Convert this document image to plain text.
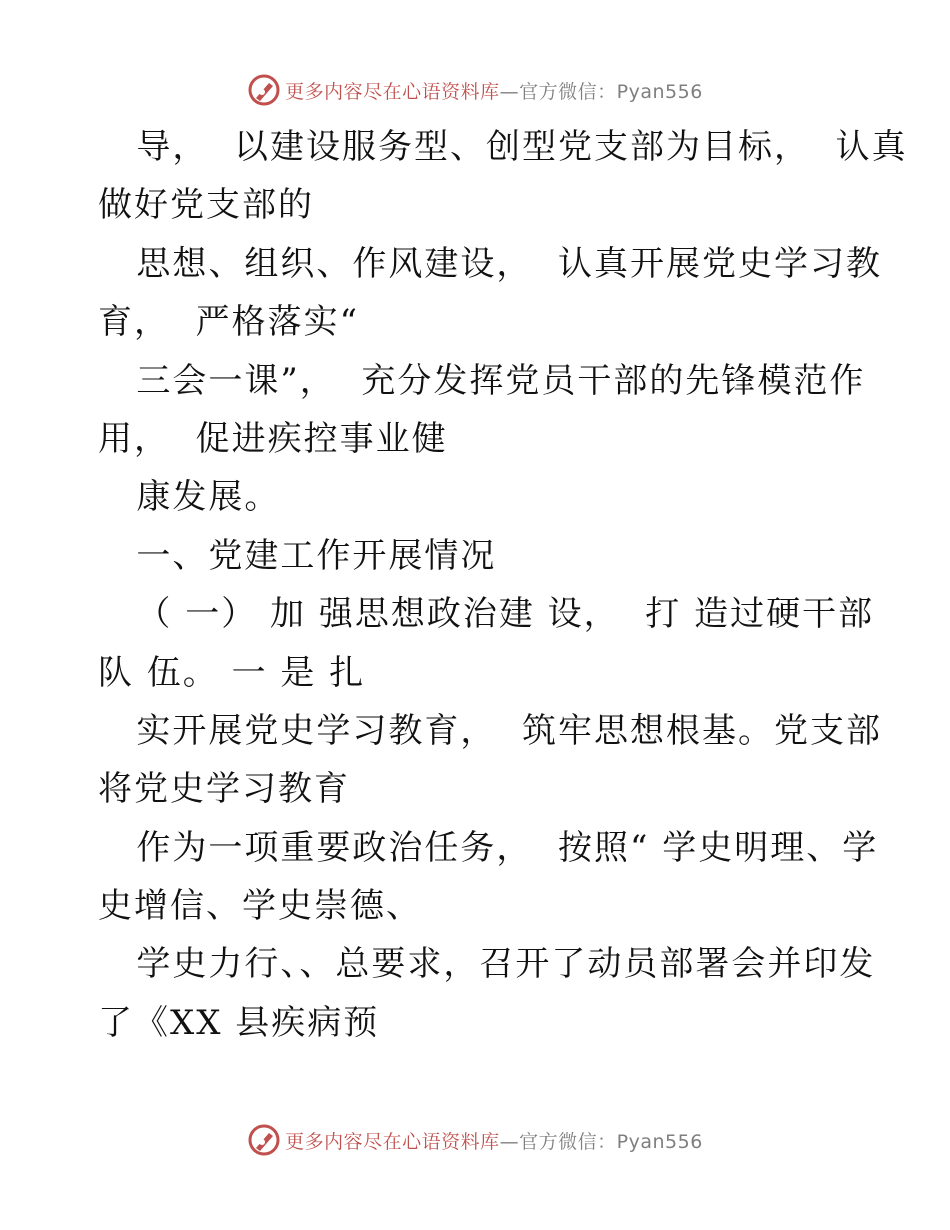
更多内容尽在心语资料库 —官方微信：Pyan556
导，  以建设服务型、创型党支部为目标，  认真
做好党支部的
思想、组织、作风建设，  认真开展党史学习教
育，  严格落实“
三会一课”，  充分发挥党员干部的先锋模范作
用，  促进疾控事业健
康发展。
一、党建工作开展情况
（ 一） 加 强思想政治建 设，  打 造过硬干部
队 伍。 一 是 扎
实开展党史学习教育，  筑牢思想根基。党支部
将党史学习教育
作为一项重要政治任务，  按照“ 学史明理、学
史增信、学史崇德、
学史力行、、总要求，召开了动员部署会并印发
了《XX 县疾病预
更多内容尽在心语资料库 —官方微信：Pyan556
